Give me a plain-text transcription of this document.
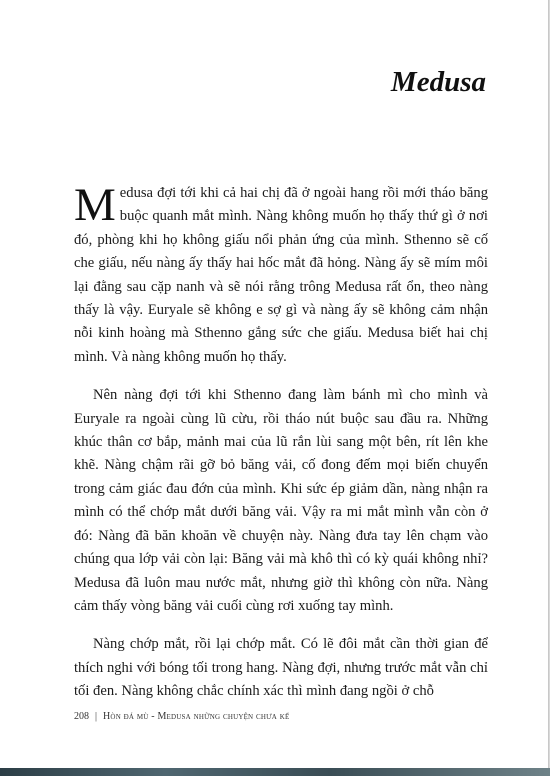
Medusa

Medusa đợi tới khi cả hai chị đã ở ngoài hang rồi mới tháo băng buộc quanh mắt mình. Nàng không muốn họ thấy thứ gì ở nơi đó, phòng khi họ không giấu nổi phản ứng của mình. Sthenno sẽ cố che giấu, nếu nàng ấy thấy hai hốc mắt đã hỏng. Nàng ấy sẽ mím môi lại đằng sau cặp nanh và sẽ nói rằng trông Medusa rất ổn, theo nàng thấy là vậy. Euryale sẽ không e sợ gì và nàng ấy sẽ không cảm nhận nỗi kinh hoàng mà Sthenno gắng sức che giấu. Medusa biết hai chị mình. Và nàng không muốn họ thấy.

Nên nàng đợi tới khi Sthenno đang làm bánh mì cho mình và Euryale ra ngoài cùng lũ cừu, rồi tháo nút buộc sau đầu ra. Những khúc thân cơ bắp, mảnh mai của lũ rắn lùi sang một bên, rít lên khe khẽ. Nàng chậm rãi gỡ bỏ băng vải, cố đong đếm mọi biến chuyển trong cảm giác đau đớn của mình. Khi sức ép giảm dần, nàng nhận ra mình có thể chớp mắt dưới băng vải. Vậy ra mi mắt mình vẫn còn ở đó: Nàng đã băn khoăn về chuyện này. Nàng đưa tay lên chạm vào chúng qua lớp vải còn lại: Băng vải mà khô thì có kỳ quái không nhỉ? Medusa đã luôn mau nước mắt, nhưng giờ thì không còn nữa. Nàng cảm thấy vòng băng vải cuối cùng rơi xuống tay mình.

Nàng chớp mắt, rồi lại chớp mắt. Có lẽ đôi mắt cần thời gian để thích nghi với bóng tối trong hang. Nàng đợi, nhưng trước mắt vẫn chỉ tối đen. Nàng không chắc chính xác thì mình đang ngồi ở chỗ

208 | Hòn đá mù - Medusa những chuyện chưa kể
